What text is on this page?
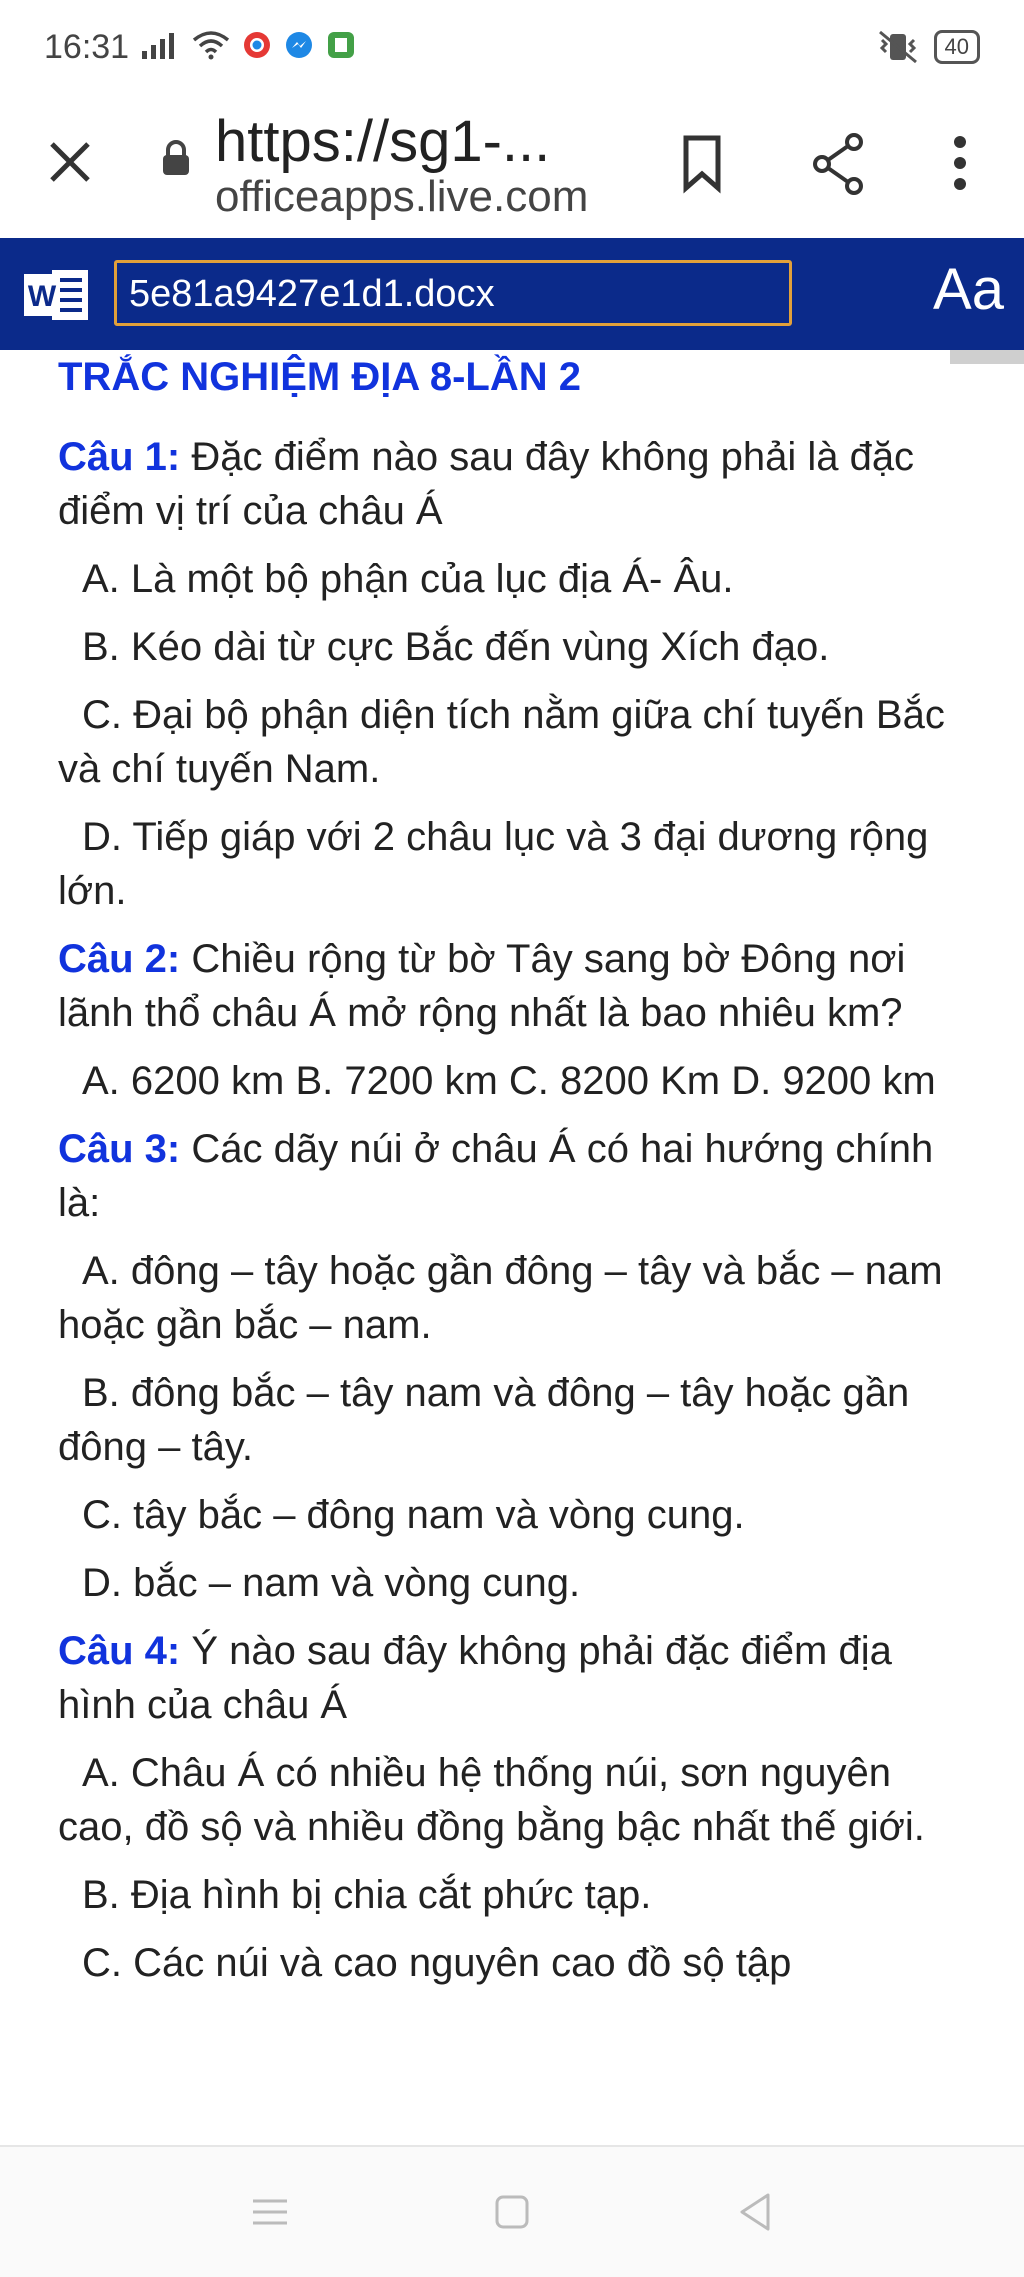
16:31	40
https://sg1-...
officeapps.live.com
W 5e81a9427e1d1.docx	Aa

TRẮC NGHIỆM ĐỊA 8-LẦN 2

Câu 1: Đặc điểm nào sau đây không phải là đặc điểm vị trí của châu Á

A. Là một bộ phận của lục địa Á- Âu.

B. Kéo dài từ cực Bắc đến vùng Xích đạo.

C. Đại bộ phận diện tích nằm giữa chí tuyến Bắc và chí tuyến Nam.

D. Tiếp giáp với 2 châu lục và 3 đại dương rộng lớn.

Câu 2: Chiều rộng từ bờ Tây sang bờ Đông nơi lãnh thổ châu Á mở rộng nhất là bao nhiêu km?

A. 6200 km B. 7200 km C. 8200 Km D. 9200 km

Câu 3: Các dãy núi ở châu Á có hai hướng chính là:

A. đông – tây hoặc gần đông – tây và bắc – nam hoặc gần bắc – nam.

B. đông bắc – tây nam và đông – tây hoặc gần đông – tây.

C. tây bắc – đông nam và vòng cung.

D. bắc – nam và vòng cung.

Câu 4: Ý nào sau đây không phải đặc điểm địa hình của châu Á

A. Châu Á có nhiều hệ thống núi, sơn nguyên cao, đồ sộ và nhiều đồng bằng bậc nhất thế giới.

B. Địa hình bị chia cắt phức tạp.

C. Các núi và cao nguyên cao đồ sộ tập
